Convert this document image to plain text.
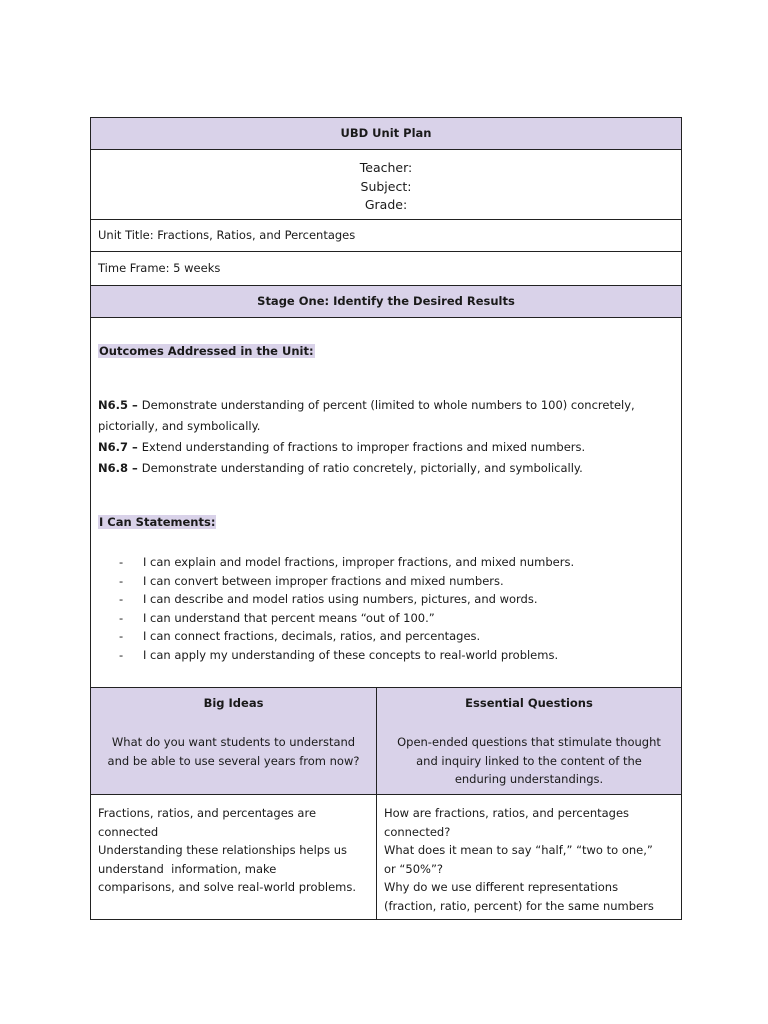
UBD Unit Plan
Teacher:
Subject:
Grade:
Unit Title: Fractions, Ratios, and Percentages
Time Frame: 5 weeks
Stage One: Identify the Desired Results
Outcomes Addressed in the Unit:
N6.5 – Demonstrate understanding of percent (limited to whole numbers to 100) concretely,
pictorially, and symbolically.
N6.7 – Extend understanding of fractions to improper fractions and mixed numbers.
N6.8 – Demonstrate understanding of ratio concretely, pictorially, and symbolically.
I Can Statements:
- I can explain and model fractions, improper fractions, and mixed numbers.
- I can convert between improper fractions and mixed numbers.
- I can describe and model ratios using numbers, pictures, and words.
- I can understand that percent means “out of 100.”
- I can connect fractions, decimals, ratios, and percentages.
- I can apply my understanding of these concepts to real-world problems.
Big Ideas
What do you want students to understand
and be able to use several years from now?
Essential Questions
Open-ended questions that stimulate thought
and inquiry linked to the content of the
enduring understandings.
Fractions, ratios, and percentages are
connected
Understanding these relationships helps us
understand  information, make
comparisons, and solve real-world problems.
How are fractions, ratios, and percentages
connected?
What does it mean to say “half,” “two to one,”
or “50%”?
Why do we use different representations
(fraction, ratio, percent) for the same numbers
